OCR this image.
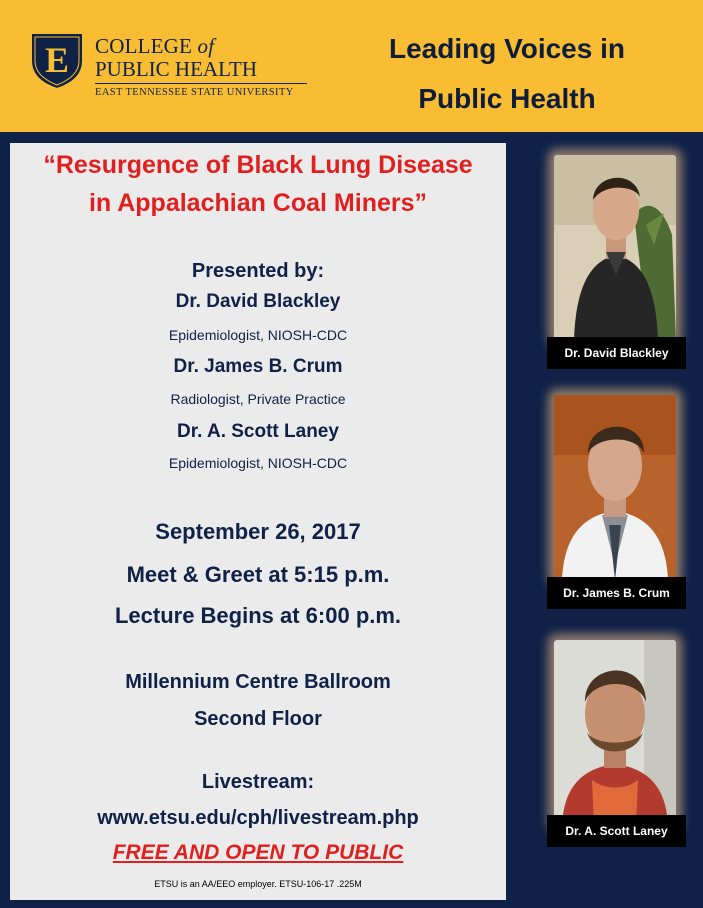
E COLLEGE of
PUBLIC HEALTH
EAST TENNESSEE STATE UNIVERSITY
Leading Voices in
Public Health
“Resurgence of Black Lung Disease
in Appalachian Coal Miners”
Presented by:
Dr. David Blackley
Epidemiologist, NIOSH-CDC
Dr. James B. Crum
Radiologist, Private Practice
Dr. A. Scott Laney
Epidemiologist, NIOSH-CDC
September 26, 2017
Meet & Greet at 5:15 p.m.
Lecture Begins at 6:00 p.m.
Millennium Centre Ballroom
Second Floor
Livestream:
www.etsu.edu/cph/livestream.php
FREE AND OPEN TO PUBLIC
ETSU is an AA/EEO employer. ETSU-106-17 .225M
Dr. David Blackley
Dr. James B. Crum
Dr. A. Scott Laney
